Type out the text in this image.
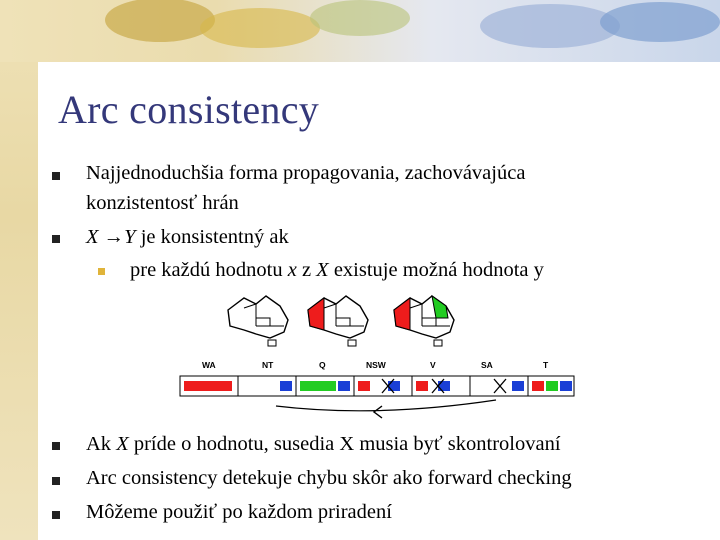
Arc consistency
Najjednoduchšia forma propagovania, zachovávajúca
konzistentosť hrán
X →Y je konsistentný ak
pre každú hodnotu x z X existuje možná hodnota y
WA	NT	Q	NSW	V	SA	T
Ak X príde o hodnotu, susedia X musia byť skontrolovaní
Arc consistency detekuje chybu skôr ako forward checking
Môžeme použiť po každom priradení
